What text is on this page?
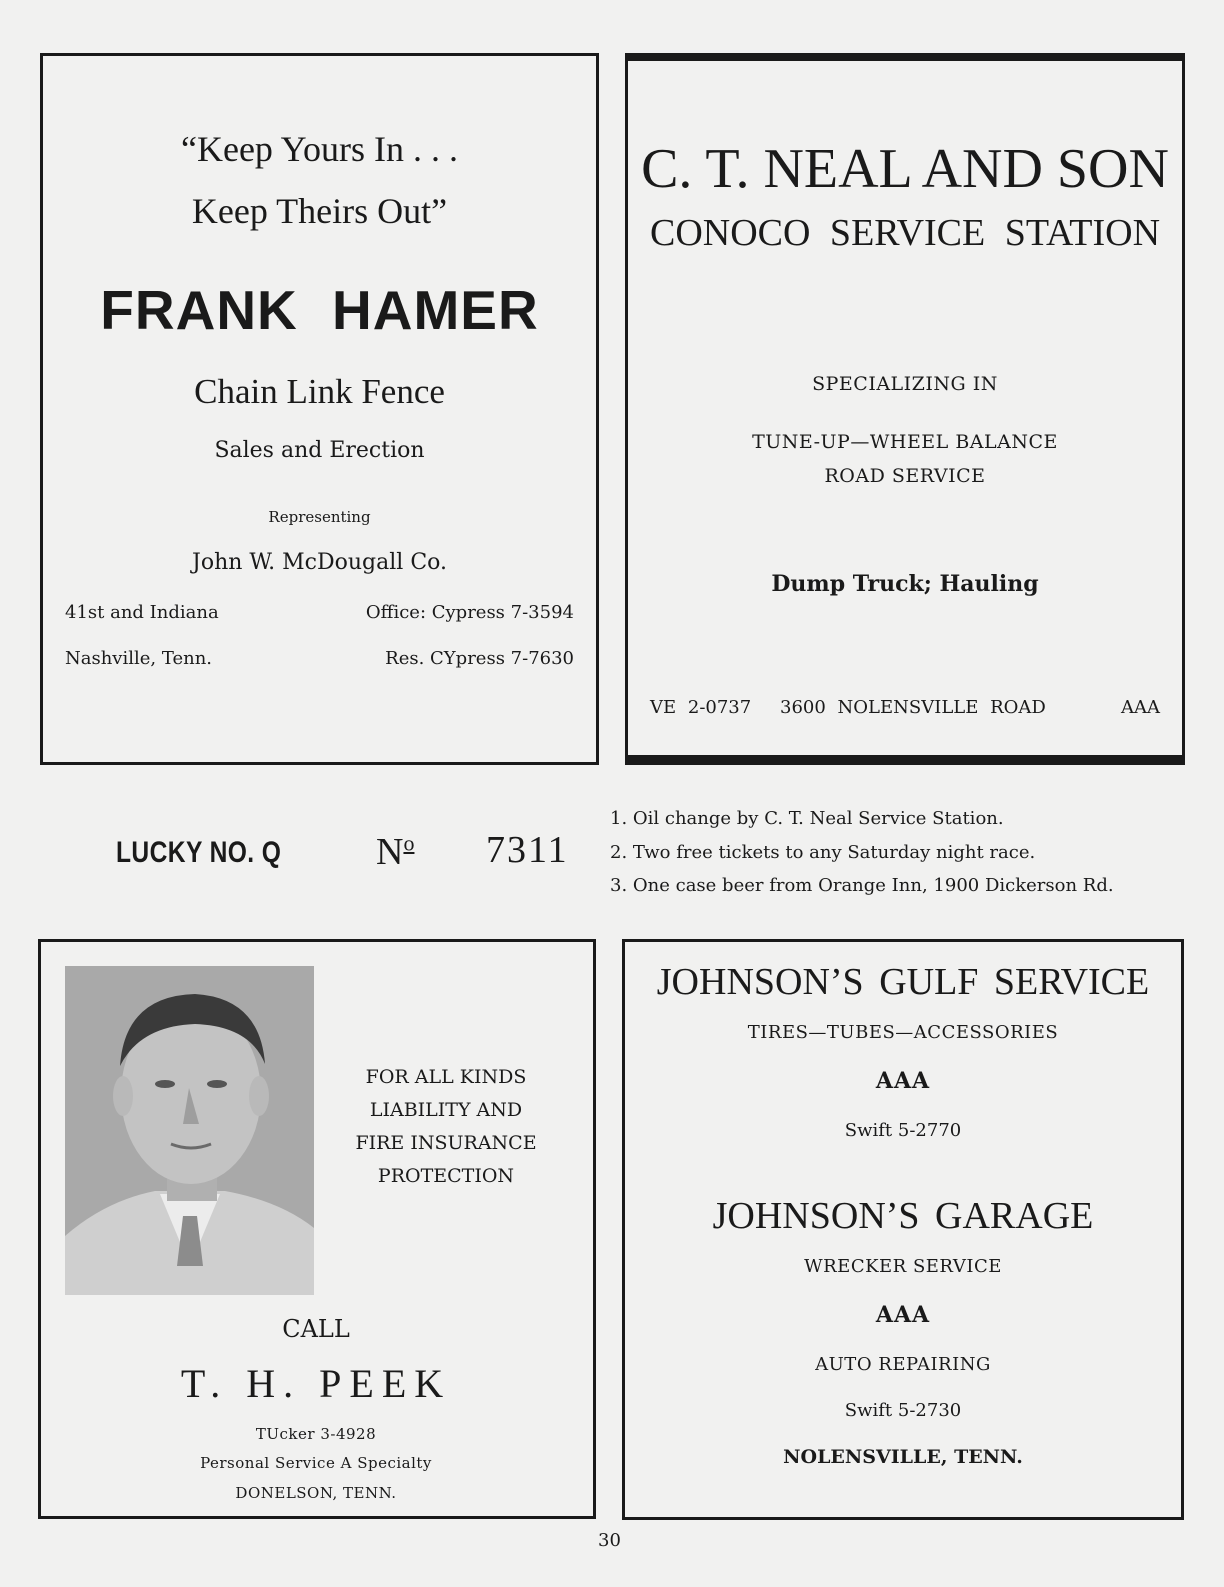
“Keep Yours In . . .
Keep Theirs Out”
FRANK HAMER
Chain Link Fence
Sales and Erection
Representing
John W. McDougall Co.
41st and Indiana	Office: Cypress 7-3594
Nashville, Tenn.	Res. CYpress 7-7630
C. T. NEAL AND SON
CONOCO SERVICE STATION
SPECIALIZING IN
TUNE-UP—WHEEL BALANCE
ROAD SERVICE
Dump Truck; Hauling
VE 2-0737 3600 NOLENSVILLE ROAD	AAA
LUCKY NO. Q $N^o$ 7311
1. Oil change by C. T. Neal Service Station.
2. Two free tickets to any Saturday night race.
3. One case beer from Orange Inn, 1900 Dickerson Rd.
FOR ALL KINDS
LIABILITY AND
FIRE INSURANCE
PROTECTION
CALL
T. H. PEEK
TUcker 3-4928
Personal Service A Specialty
DONELSON, TENN.
JOHNSON’S GULF SERVICE
TIRES—TUBES—ACCESSORIES
AAA
Swift 5-2770
JOHNSON’S GARAGE
WRECKER SERVICE
AAA
AUTO REPAIRING
Swift 5-2730
NOLENSVILLE, TENN.
30
